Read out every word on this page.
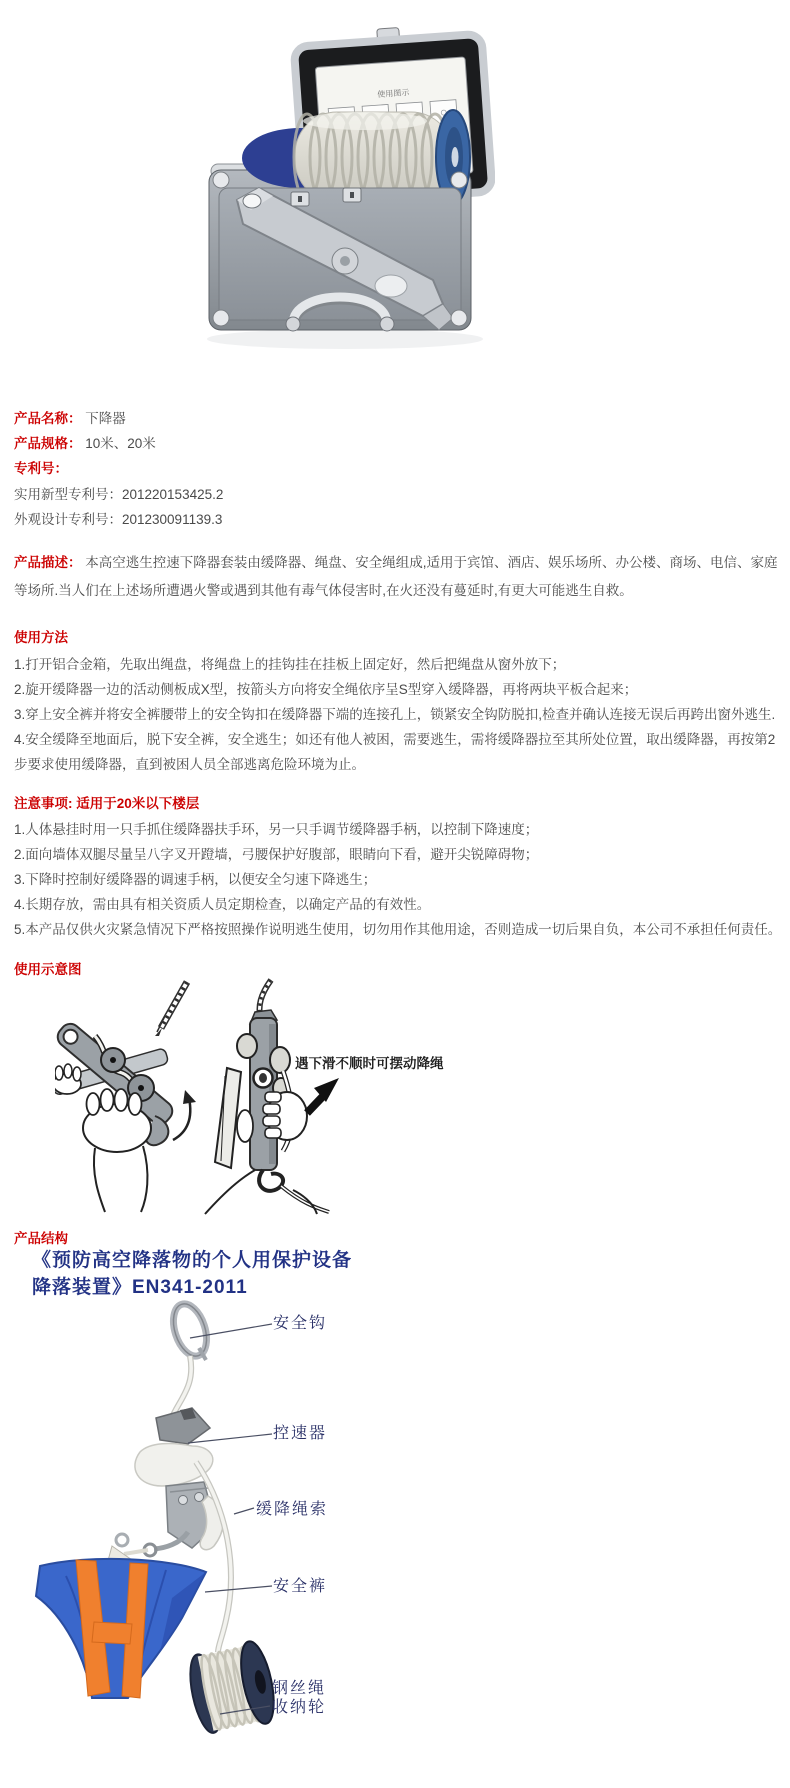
使用图示
产品名称： 下降器
产品规格： 10米、20米
专利号：
实用新型专利号：201220153425.2
外观设计专利号：201230091139.3
产品描述： 本高空逃生控速下降器套装由缓降器、绳盘、安全绳组成,适用于宾馆、酒店、娱乐场所、办公楼、商场、电信、家庭等场所.当人们在上述场所遭遇火警或遇到其他有毒气体侵害时,在火还没有蔓延时,有更大可能逃生自救。
使用方法
1.打开铝合金箱，先取出绳盘，将绳盘上的挂钩挂在挂板上固定好，然后把绳盘从窗外放下；
2.旋开缓降器一边的活动侧板成X型，按箭头方向将安全绳依序呈S型穿入缓降器，再将两块平板合起来；
3.穿上安全裤并将安全裤腰带上的安全钩扣在缓降器下端的连接孔上，锁紧安全钩防脱扣,检查并确认连接无误后再跨出窗外逃生.
4.安全缓降至地面后，脱下安全裤，安全逃生；如还有他人被困，需要逃生，需将缓降器拉至其所处位置，取出缓降器，再按第2步要求使用缓降器，直到被困人员全部逃离危险环境为止。
注意事项: 适用于20米以下楼层
1.人体悬挂时用一只手抓住缓降器扶手环，另一只手调节缓降器手柄，以控制下降速度；
2.面向墙体双腿尽量呈八字叉开蹬墙，弓腰保护好腹部，眼睛向下看，避开尖锐障碍物；
3.下降时控制好缓降器的调速手柄，以便安全匀速下降逃生；
4.长期存放，需由具有相关资质人员定期检查，以确定产品的有效性。
5.本产品仅供火灾紧急情况下严格按照操作说明逃生使用，切勿用作其他用途，否则造成一切后果自负，本公司不承担任何责任。
使用示意图
遇下滑不顺时可摆动降绳
产品结构
《预防高空降落物的个人用保护设备
降落装置》EN341-2011
安全钩
控速器
缓降绳索
安全裤
钢丝绳
收纳轮
